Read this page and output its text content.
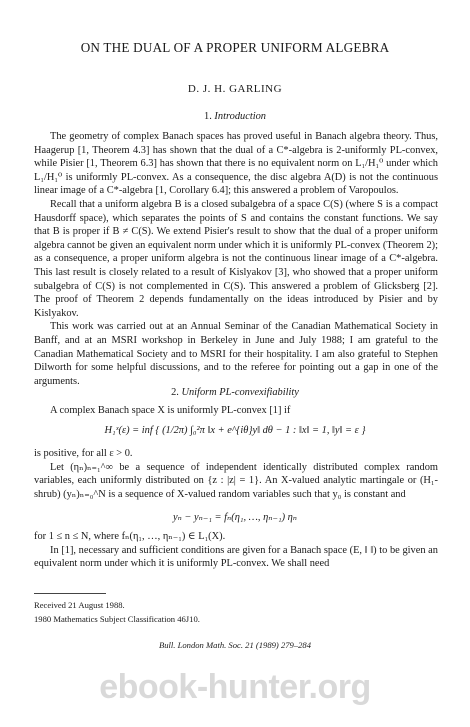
ON THE DUAL OF A PROPER UNIFORM ALGEBRA
D. J. H. GARLING
1. Introduction

The geometry of complex Banach spaces has proved useful in Banach algebra theory. Thus, Haagerup [1, Theorem 4.3] has shown that the dual of a C*-algebra is 2-uniformly PL-convex, while Pisier [1, Theorem 6.3] has shown that there is no equivalent norm on L₁/H₁⁰ under which L₁/H₁⁰ is uniformly PL-convex. As a consequence, the disc algebra A(D) is not the continuous linear image of a C*-algebra [1, Corollary 6.4]; this answered a problem of Varopoulos.

Recall that a uniform algebra B is a closed subalgebra of a space C(S) (where S is a compact Hausdorff space), which separates the points of S and contains the constant functions. We say that B is proper if B ≠ C(S). We extend Pisier's result to show that the dual of a proper uniform algebra cannot be given an equivalent norm under which it is uniformly PL-convex (Theorem 2); as a consequence, a proper uniform algebra is not the continuous linear image of a C*-algebra. This last result is closely related to a result of Kislyakov [3], who showed that a proper uniform subalgebra of C(S) is not complemented in C(S). This answered a problem of Glicksberg [2]. The proof of Theorem 2 depends fundamentally on the ideas introduced by Pisier and by Kislyakov.

This work was carried out at an Annual Seminar of the Canadian Mathematical Society in Banff, and at an MSRI workshop in Berkeley in June and July 1988; I am grateful to the Canadian Mathematical Society and to MSRI for their hospitality. I am also grateful to Stephen Dilworth for some helpful discussions, and to the referee for pointing out a gap in one of the arguments.

2. Uniform PL-convexifiability

A complex Banach space X is uniformly PL-convex [1] if

H₁ˣ(ε) = inf { (1/2π) ∫₀²π ‖x + e^{iθ}y‖ dθ − 1 : ‖x‖ = 1, ‖y‖ = ε }

is positive, for all ε > 0.

Let (ηₙ)ₙ₌₁^∞ be a sequence of independent identically distributed complex random variables, each uniformly distributed on {z : |z| = 1}. An X-valued analytic martingale or (H₁-shrub) (yₙ)ₙ₌₀^N is a sequence of X-valued random variables such that y₀ is constant and

yₙ − yₙ₋₁ = fₙ(η₁, …, ηₙ₋₁) ηₙ

for 1 ≤ n ≤ N, where fₙ(η₁, …, ηₙ₋₁) ∈ L₁(X).

In [1], necessary and sufficient conditions are given for a Banach space (E, ‖ ‖) to be given an equivalent norm under which it is uniformly PL-convex. We shall need

Received 21 August 1988.
1980 Mathematics Subject Classification 46J10.
Bull. London Math. Soc. 21 (1989) 279–284
ebook-hunter.org
